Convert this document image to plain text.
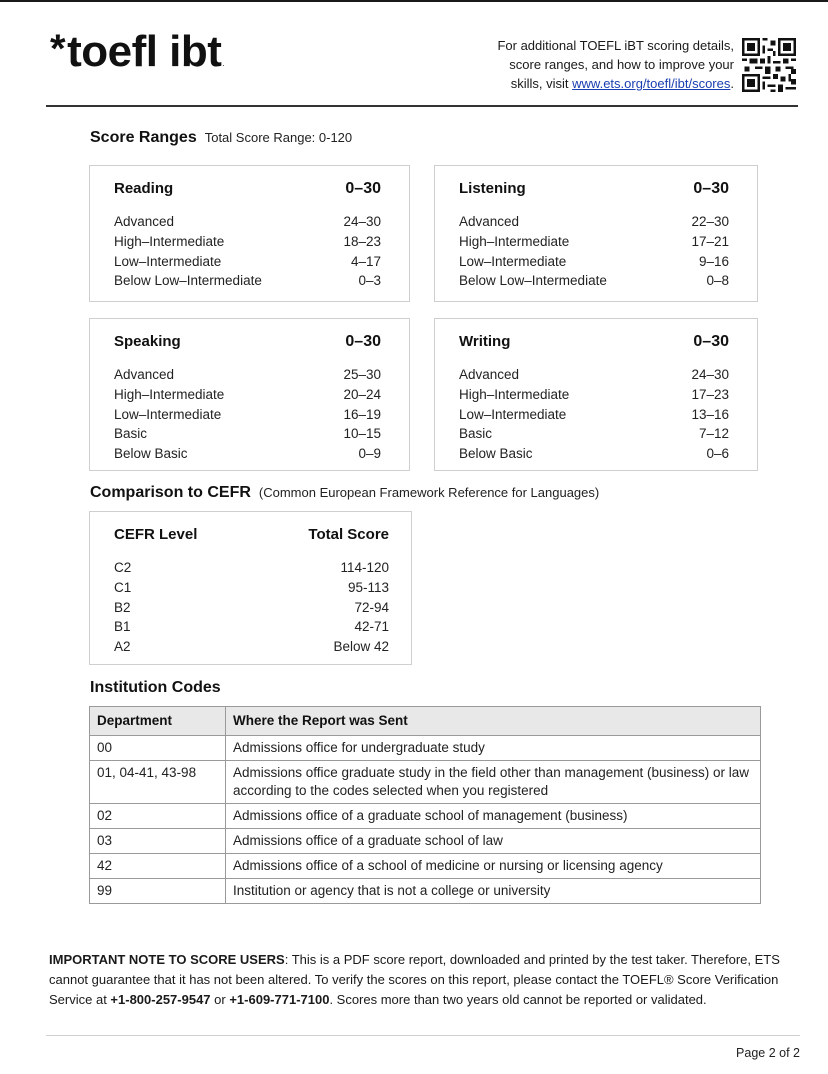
*toefl ibt.
For additional TOEFL iBT scoring details,
score ranges, and how to improve your
skills, visit www.ets.org/toefl/ibt/scores.
Score Ranges Total Score Range: 0-120
Reading	0–30
Advanced	24–30
High–Intermediate	18–23
Low–Intermediate	4–17
Below Low–Intermediate	0–3
Listening	0–30
Advanced	22–30
High–Intermediate	17–21
Low–Intermediate	9–16
Below Low–Intermediate	0–8
Speaking	0–30
Advanced	25–30
High–Intermediate	20–24
Low–Intermediate	16–19
Basic	10–15
Below Basic	0–9
Writing	0–30
Advanced	24–30
High–Intermediate	17–23
Low–Intermediate	13–16
Basic	7–12
Below Basic	0–6
Comparison to CEFR (Common European Framework Reference for Languages)
CEFR Level	Total Score
C2	114-120
C1	95-113
B2	72-94
B1	42-71
A2	Below 42
Institution Codes
Department	Where the Report was Sent
00	Admissions office for undergraduate study
01, 04-41, 43-98	Admissions office graduate study in the field other than management (business) or law according to the codes selected when you registered
02	Admissions office of a graduate school of management (business)
03	Admissions office of a graduate school of law
42	Admissions office of a school of medicine or nursing or licensing agency
99	Institution or agency that is not a college or university
IMPORTANT NOTE TO SCORE USERS: This is a PDF score report, downloaded and printed by the test taker. Therefore, ETS cannot guarantee that it has not been altered. To verify the scores on this report, please contact the TOEFL® Score Verification Service at +1-800-257-9547 or +1-609-771-7100. Scores more than two years old cannot be reported or validated.
Page 2 of 2
